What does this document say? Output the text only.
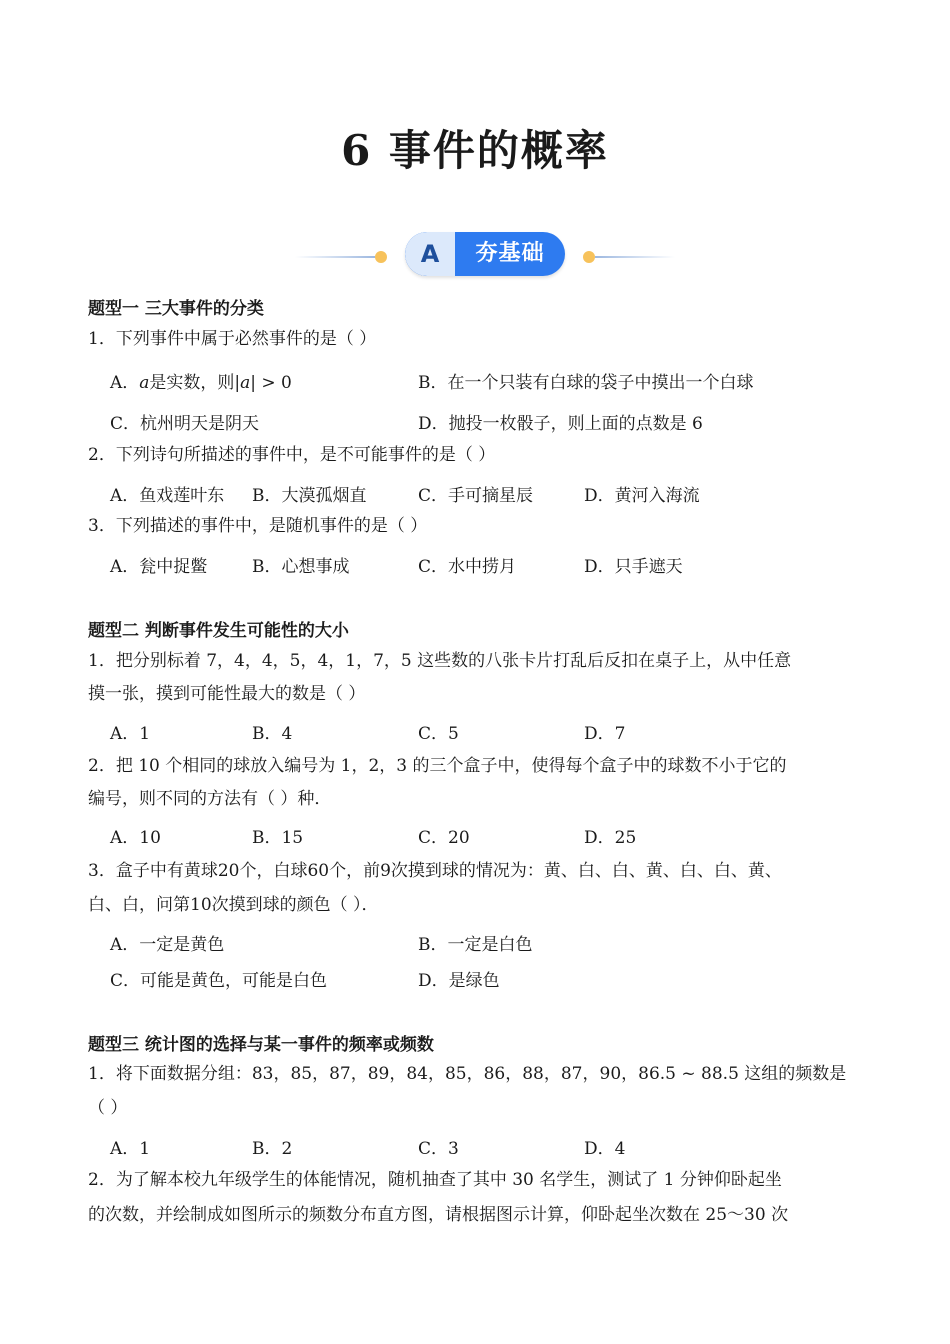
6 事件的概率
A	夯基础
题型一 三大事件的分类
1．下列事件中属于必然事件的是（ ）
A．𝑎是实数，则|𝑎| > 0	B．在一个只装有白球的袋子中摸出一个白球
C．杭州明天是阴天	D．抛投一枚骰子，则上面的点数是 6
2．下列诗句所描述的事件中，是不可能事件的是（ ）
A．鱼戏莲叶东 B．大漠孤烟直	C．手可摘星辰	D．黄河入海流
3．下列描述的事件中，是随机事件的是（ ）
A．瓮中捉鳖	B．心想事成	C．水中捞月	D．只手遮天
题型二 判断事件发生可能性的大小
1．把分别标着 7，4，4，5，4，1，7，5 这些数的八张卡片打乱后反扣在桌子上，从中任意
摸一张，摸到可能性最大的数是（ ）
A．1	B．4	C．5	D．7
2．把 10 个相同的球放入编号为 1，2，3 的三个盒子中，使得每个盒子中的球数不小于它的
编号，则不同的方法有（ ）种．
A．10	B．15	C．20	D．25
3．盒子中有黄球20个，白球60个，前9次摸到球的情况为：黄、白、白、黄、白、白、黄、
白、白，问第10次摸到球的颜色（ ）．
A．一定是黄色	B．一定是白色
C．可能是黄色，可能是白色	D．是绿色
题型三 统计图的选择与某一事件的频率或频数
1．将下面数据分组：83，85，87，89，84，85，86，88，87，90，86.5 ~ 88.5 这组的频数是
（ ）
A．1	B．2	C．3	D．4
2．为了解本校九年级学生的体能情况，随机抽查了其中 30 名学生，测试了 1 分钟仰卧起坐
的次数，并绘制成如图所示的频数分布直方图，请根据图示计算，仰卧起坐次数在 25～30 次
